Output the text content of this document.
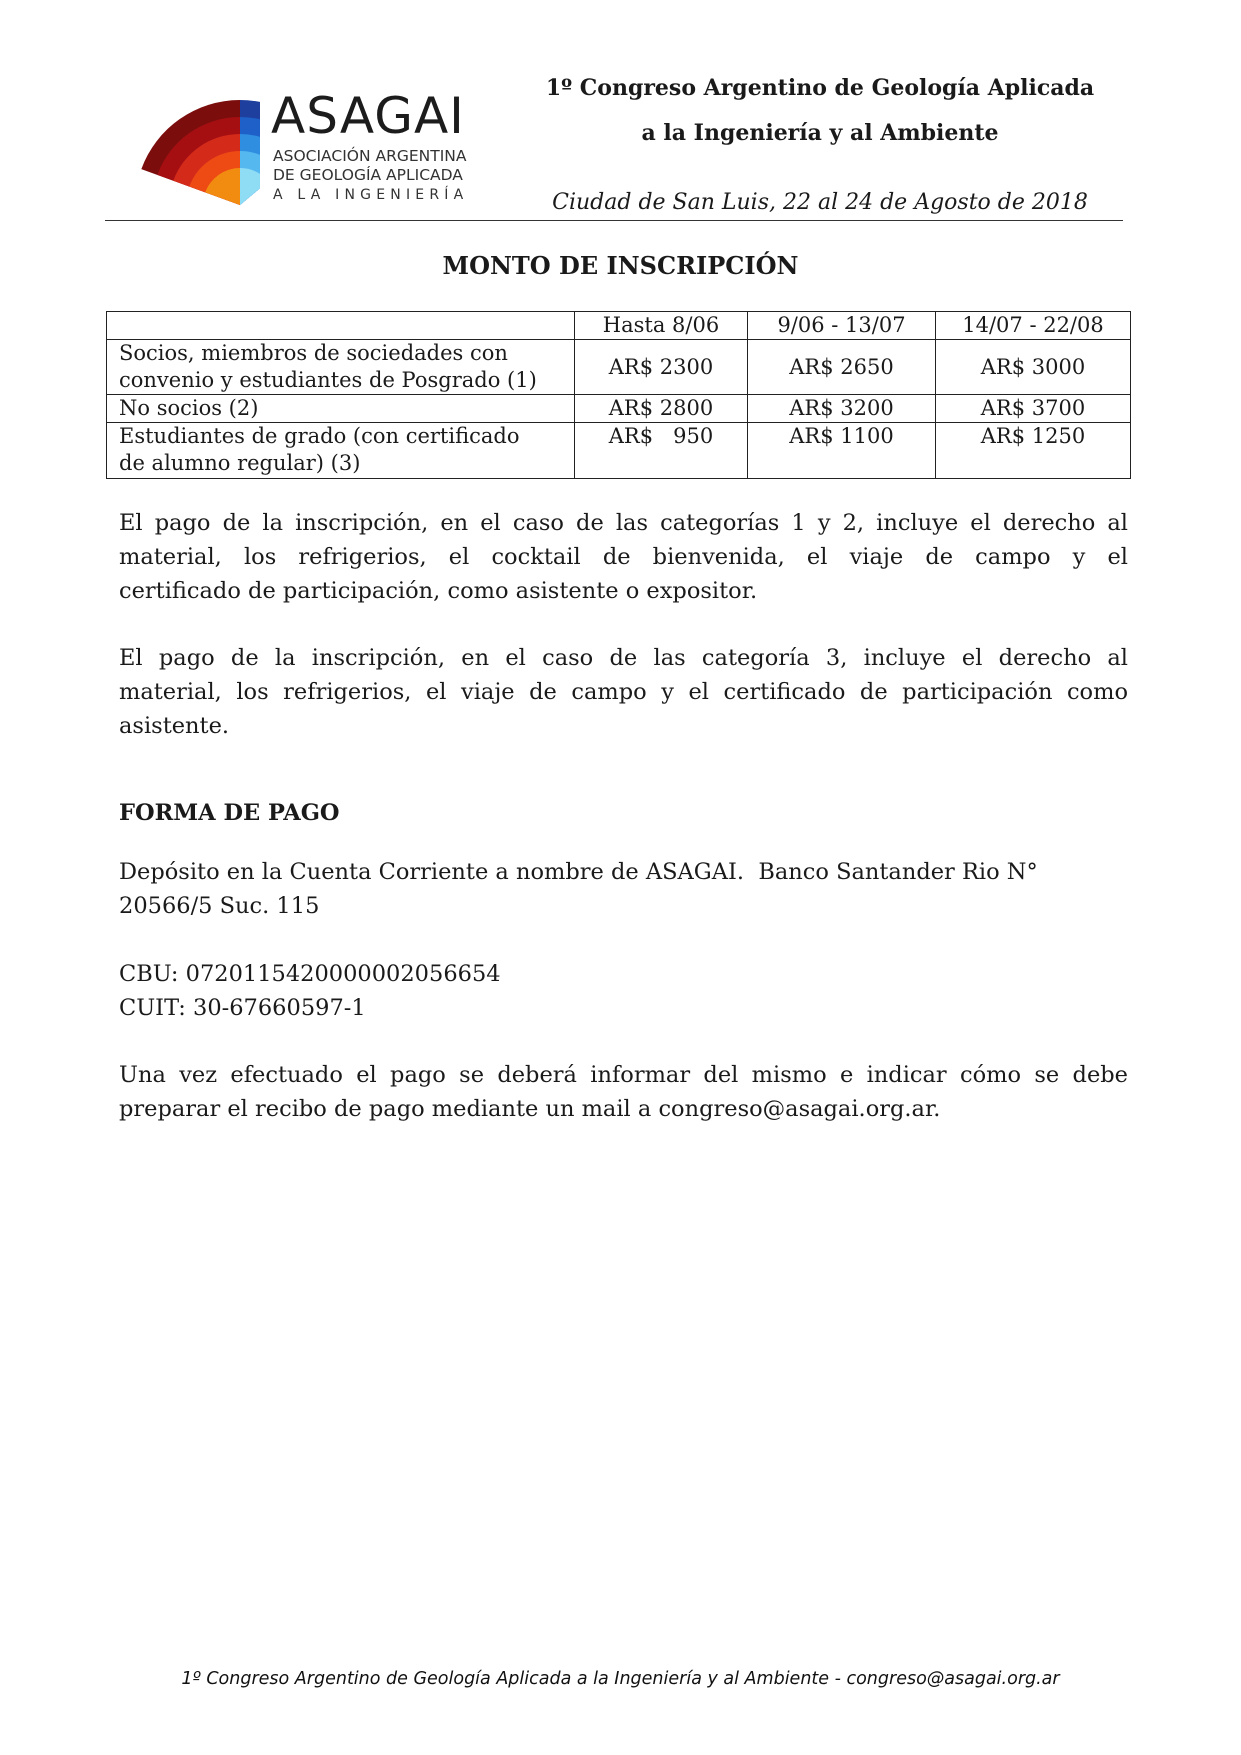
ASAGAI
ASOCIACIÓN ARGENTINA
DE GEOLOGÍA APLICADA
A LA INGENIERÍA
1º Congreso Argentino de Geología Aplicada
a la Ingeniería y al Ambiente
Ciudad de San Luis, 22 al 24 de Agosto de 2018
MONTO DE INSCRIPCIÓN
	Hasta 8/06	9/06 - 13/07	14/07 - 22/08

Socios, miembros de sociedades con
convenio y estudiantes de Posgrado (1)	AR$ 2300	AR$ 2650	AR$ 3000

No socios (2)	AR$ 2800	AR$ 3200	AR$ 3700

Estudiantes de grado (con certificado
de alumno regular) (3)	AR$   950	AR$ 1100	AR$ 1250
El pago de la inscripción, en el caso de las categorías 1 y 2, incluye el derecho al
material, los refrigerios, el cocktail de bienvenida, el viaje de campo y el
certificado de participación, como asistente o expositor.
El pago de la inscripción, en el caso de las categoría 3, incluye el derecho al
material, los refrigerios, el viaje de campo y el certificado de participación como
asistente.
FORMA DE PAGO
Depósito en la Cuenta Corriente a nombre de ASAGAI.  Banco Santander Rio N°
20566/5 Suc. 115
CBU: 0720115420000002056654
CUIT: 30-67660597-1
Una vez efectuado el pago se deberá informar del mismo e indicar cómo se debe
preparar el recibo de pago mediante un mail a congreso@asagai.org.ar.
1º Congreso Argentino de Geología Aplicada a la Ingeniería y al Ambiente - congreso@asagai.org.ar
